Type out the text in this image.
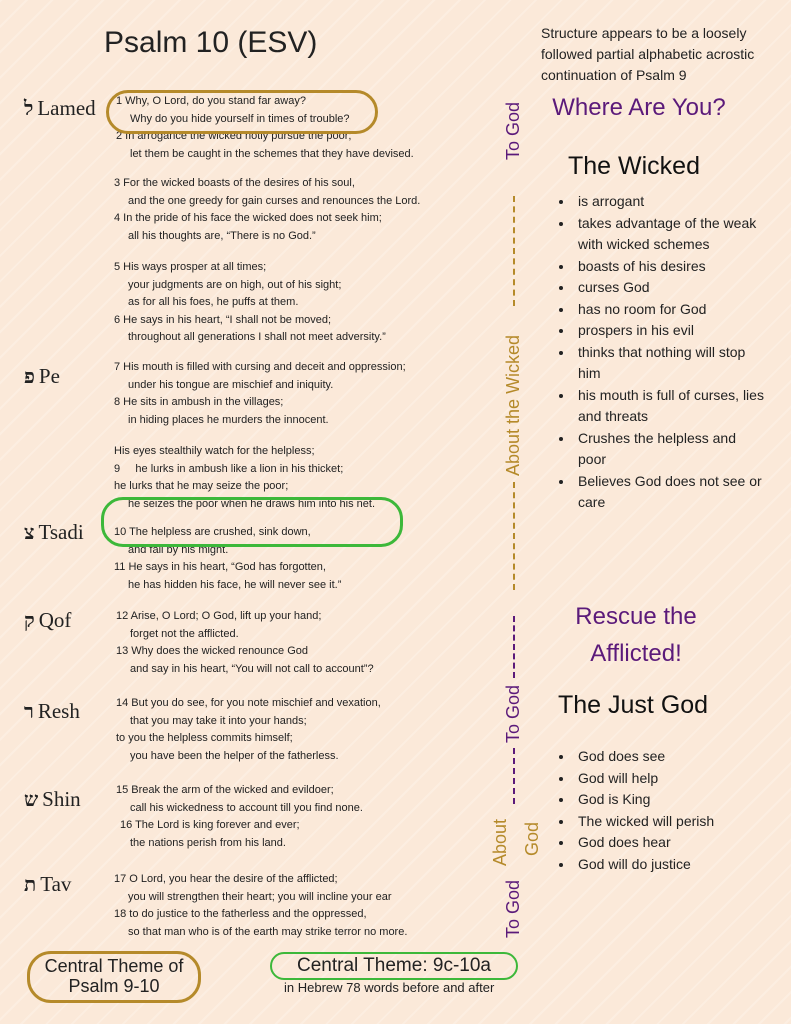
Psalm 10 (ESV)	Structure appears to be a loosely followed partial alphabetic acrostic continuation of Psalm 9
ל Lamed
פ Pe
צ Tsadi
ק Qof
ר Resh
ש Shin
ת Tav
1 Why, O Lord, do you stand far away?
Why do you hide yourself in times of trouble?
2 In arrogance the wicked hotly pursue the poor;
let them be caught in the schemes that they have devised.
3 For the wicked boasts of the desires of his soul,
and the one greedy for gain curses and renounces the Lord.
4 In the pride of his face the wicked does not seek him;
all his thoughts are, “There is no God.”
5 His ways prosper at all times;
your judgments are on high, out of his sight;
as for all his foes, he puffs at them.
6 He says in his heart, “I shall not be moved;
throughout all generations I shall not meet adversity.”
7 His mouth is filled with cursing and deceit and oppression;
under his tongue are mischief and iniquity.
8 He sits in ambush in the villages;
in hiding places he murders the innocent.
His eyes stealthily watch for the helpless;
9     he lurks in ambush like a lion in his thicket;
he lurks that he may seize the poor;
he seizes the poor when he draws him into his net.
10 The helpless are crushed, sink down,
and fall by his might.
11 He says in his heart, “God has forgotten,
he has hidden his face, he will never see it.”
12 Arise, O Lord; O God, lift up your hand;
forget not the afflicted.
13 Why does the wicked renounce God
and say in his heart, “You will not call to account”?
14 But you do see, for you note mischief and vexation,
that you may take it into your hands;
to you the helpless commits himself;
you have been the helper of the fatherless.
15 Break the arm of the wicked and evildoer;
call his wickedness to account till you find none.
16 The Lord is king forever and ever;
the nations perish from his land.
17 O Lord, you hear the desire of the afflicted;
you will strengthen their heart; you will incline your ear
18 to do justice to the fatherless and the oppressed,
so that man who is of the earth may strike terror no more.
To God
About the Wicked
To God
About God
To God
Where Are You?
The Wicked
• is arrogant
• takes advantage of the weak with wicked schemes
• boasts of his desires
• curses God
• has no room for God
• prospers in his evil
• thinks that nothing will stop him
• his mouth is full of curses, lies and threats
• Crushes the helpless and poor
• Believes God does not see or care
Rescue the Afflicted!
The Just God
• God does see
• God will help
• God is King
• The wicked will perish
• God does hear
• God will do justice
Central Theme of Psalm 9-10
Central Theme: 9c-10a
in Hebrew 78 words before and after
